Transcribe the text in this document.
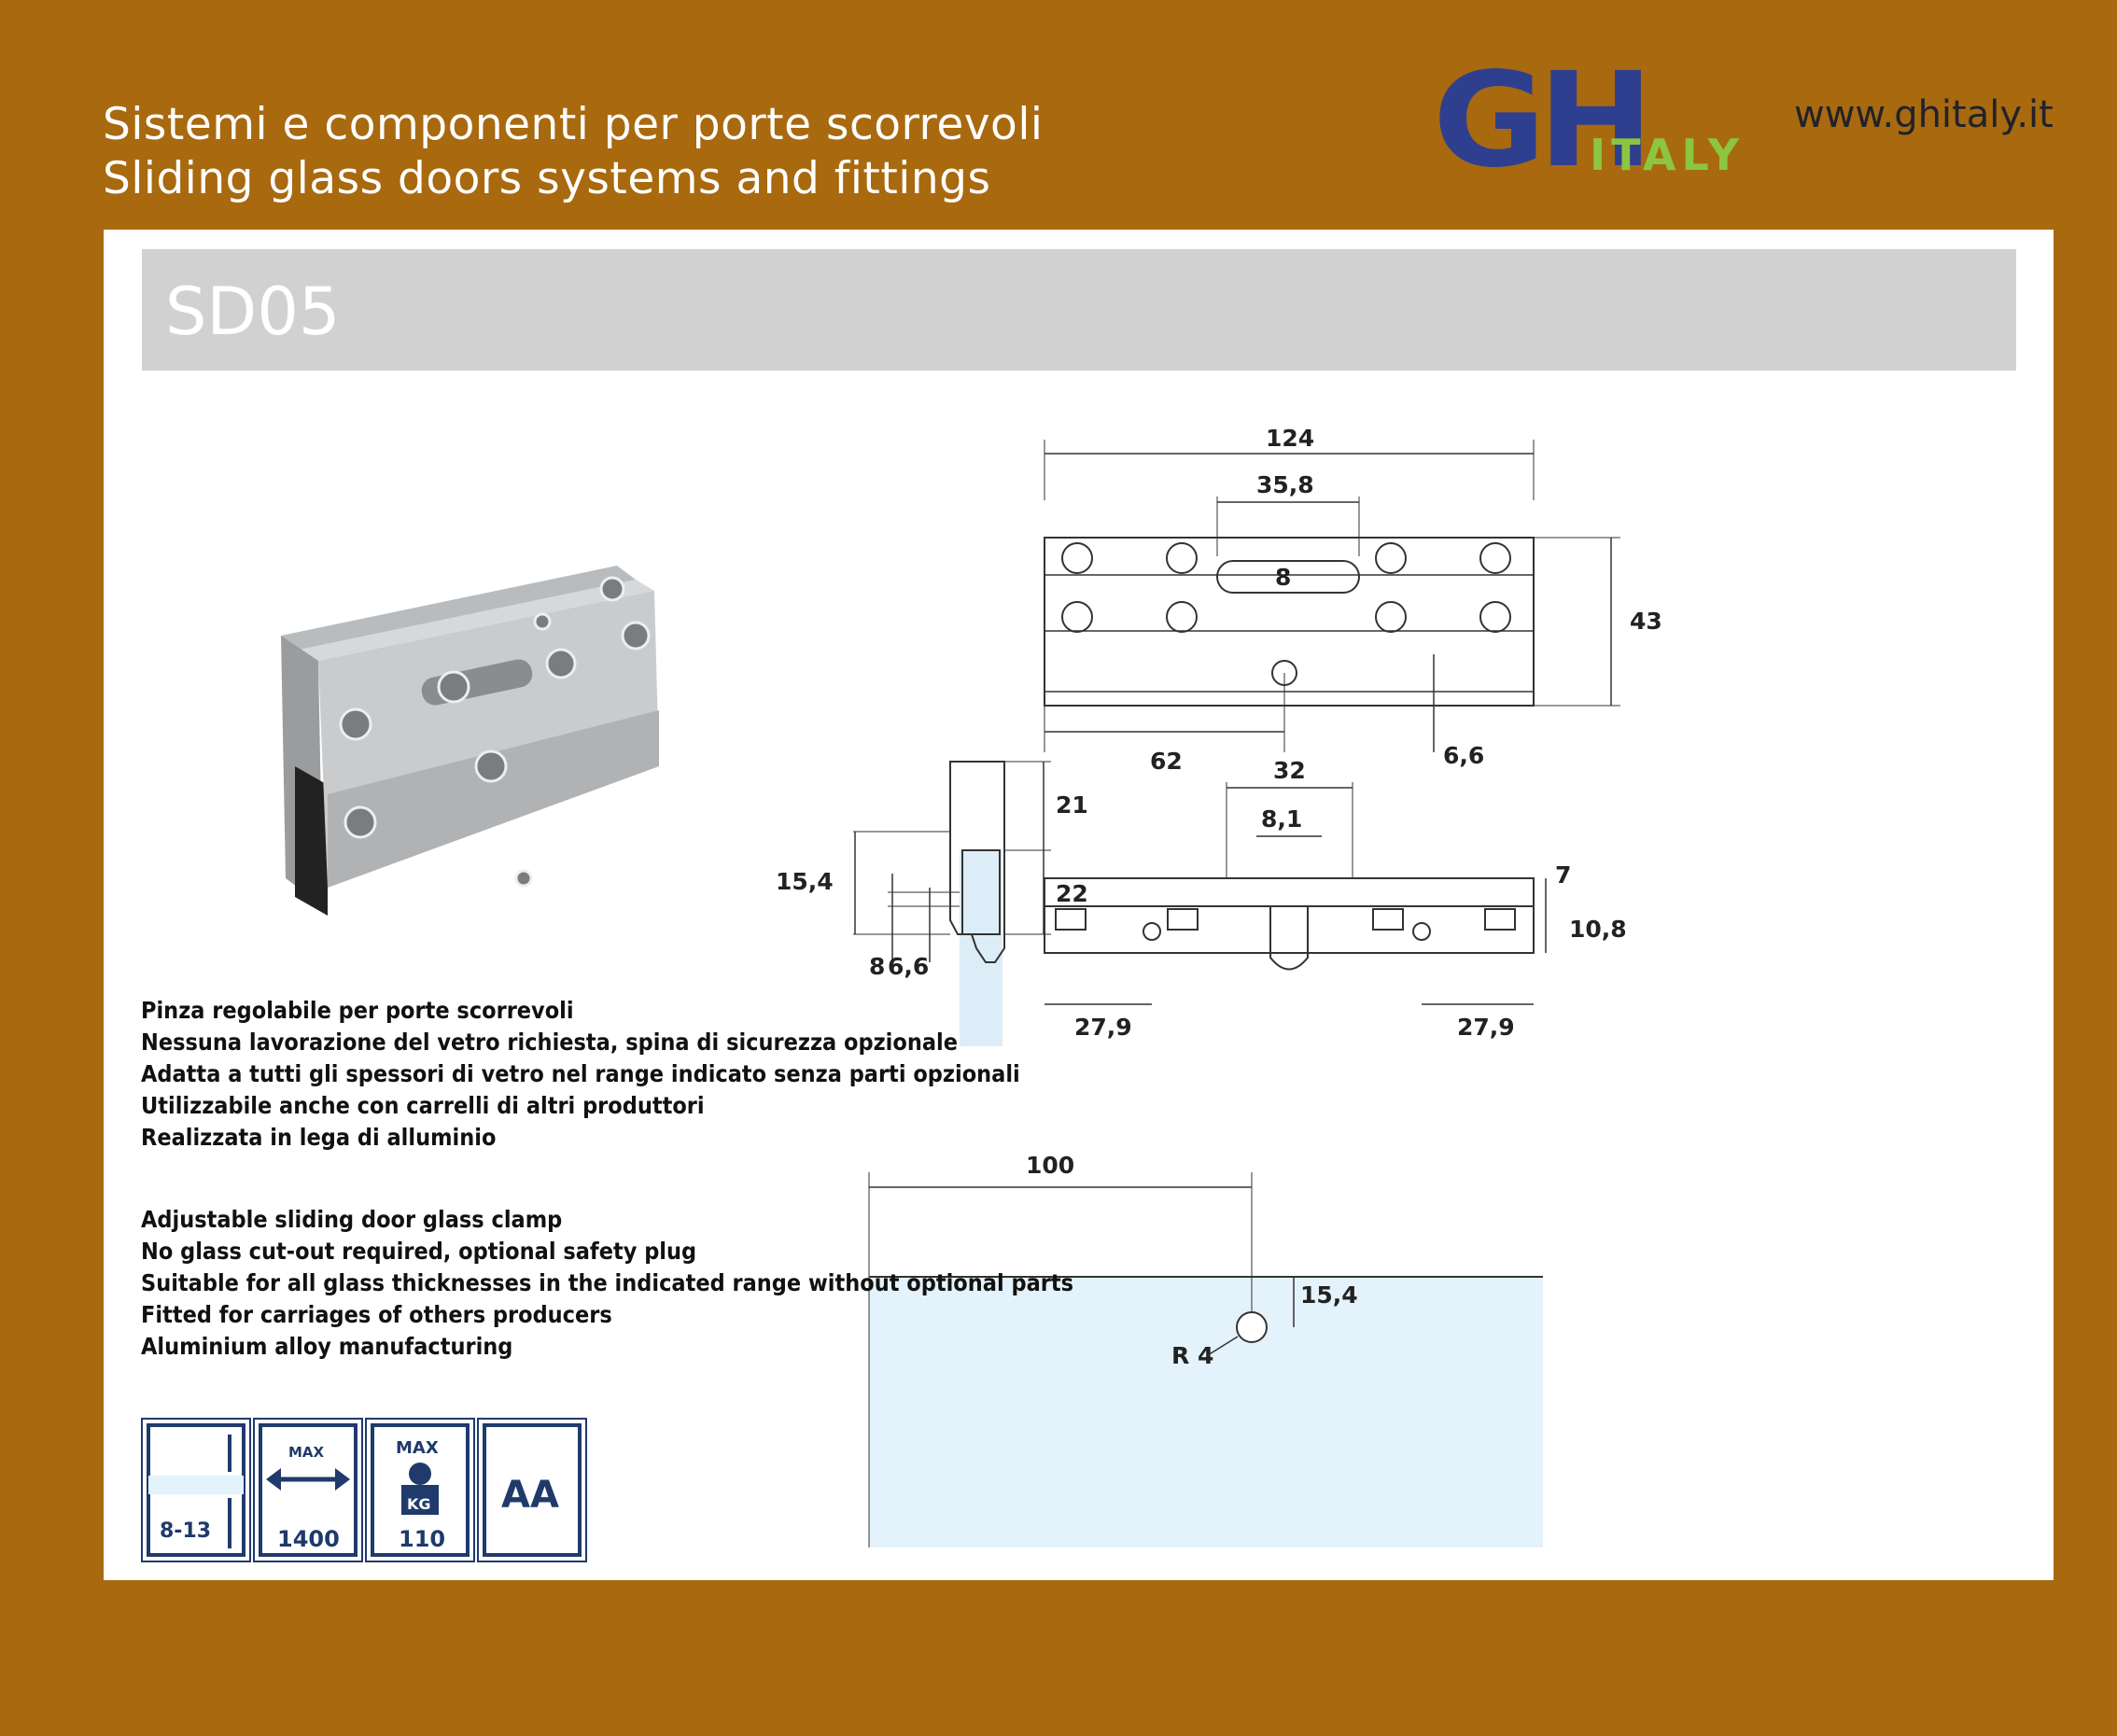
Sistemi e componenti per porte scorrevoli
Sliding glass doors systems and fittings	GH
ITALY
www.ghitaly.it
SD05
21
22
15,4
8 6,6
124
35,8
8
43
62	6,6
32
8,1
7
10,8
27,9	27,9
100
15,4
R 4
Pinza regolabile per porte scorrevoli
Nessuna lavorazione del vetro richiesta, spina di sicurezza opzionale
Adatta a tutti gli spessori di vetro nel range indicato senza parti opzionali
Utilizzabile anche con carrelli di altri produttori
Realizzata in lega di alluminio
Adjustable sliding door glass clamp
No glass cut-out required, optional safety plug
Suitable for all glass thicknesses in the indicated range without optional parts
Fitted for carriages of others producers
Aluminium alloy manufacturing
8-13
MAX
1400
MAX
KG
110
AA
